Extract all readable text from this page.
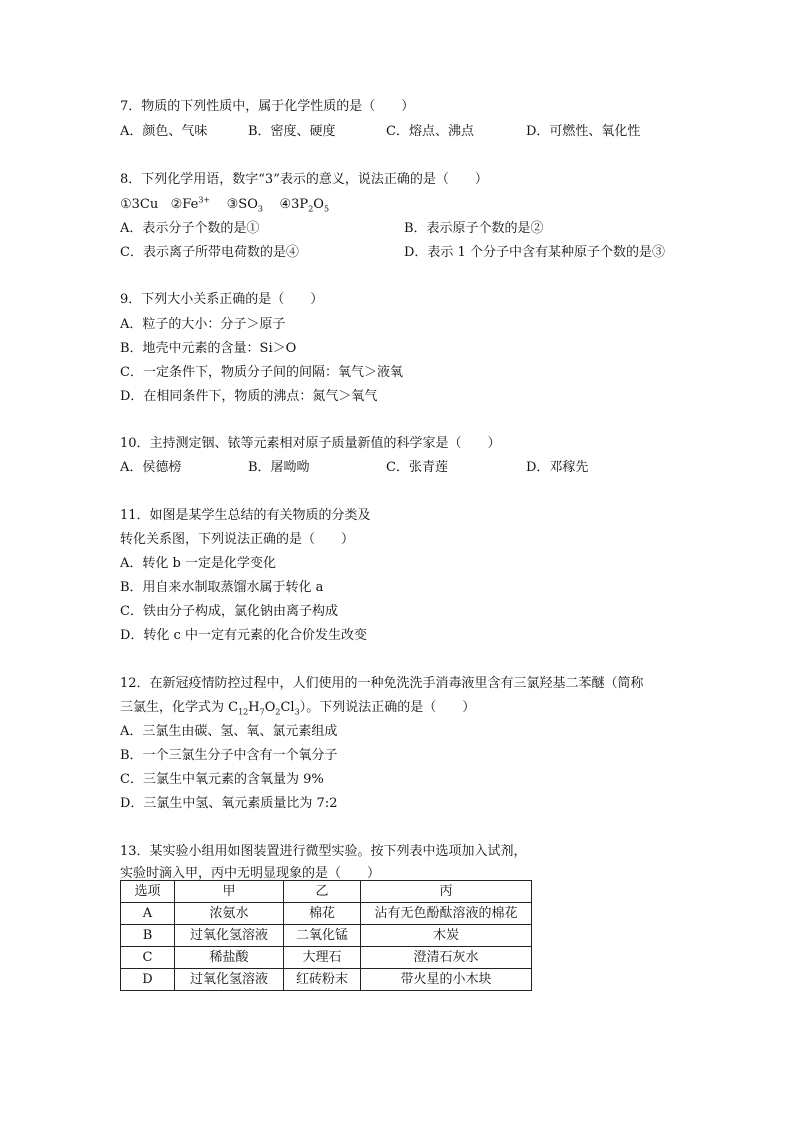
7．物质的下列性质中，属于化学性质的是（　　）
A．颜色、气味	B．密度、硬度	C．熔点、沸点	D．可燃性、氧化性
8．下列化学用语，数字“3”表示的意义，说法正确的是（　　）
①3Cu $②Fe^{3+}$ $③SO_3$ $④3P_2O_5$
A．表示分子个数的是①	B．表示原子个数的是②
C．表示离子所带电荷数的是④	D．表示 1 个分子中含有某种原子个数的是③
9．下列大小关系正确的是（　　）
A．粒子的大小：分子＞原子
B．地壳中元素的含量：Si＞O
C．一定条件下，物质分子间的间隔：氧气＞液氧
D．在相同条件下，物质的沸点：氮气＞氧气
10．主持测定铟、铱等元素相对原子质量新值的科学家是（　　）
A．侯德榜	B．屠呦呦	C．张青莲	D．邓稼先
11．如图是某学生总结的有关物质的分类及
转化关系图，下列说法正确的是（　　）
A．转化 b 一定是化学变化
B．用自来水制取蒸馏水属于转化 a
C．铁由分子构成，氯化钠由离子构成
D．转化 c 中一定有元素的化合价发生改变
12．在新冠疫情防控过程中，人们使用的一种免洗洗手消毒液里含有三氯羟基二苯醚（简称
三氯生，化学式为 $C_{12}H_7O_2Cl_3$）。下列说法正确的是（　　）
A．三氯生由碳、氢、氧、氯元素组成
B．一个三氯生分子中含有一个氧分子
C．三氯生中氧元素的含氧量为 9%
D．三氯生中氢、氧元素质量比为 7:2
13．某实验小组用如图装置进行微型实验。按下列表中选项加入试剂，
实验时滴入甲，丙中无明显现象的是（　　）
选项	甲	乙	丙
A	浓氨水	棉花	沾有无色酚酞溶液的棉花
B	过氧化氢溶液	二氧化锰	木炭
C	稀盐酸	大理石	澄清石灰水
D	过氧化氢溶液	红砖粉末	带火星的小木块
